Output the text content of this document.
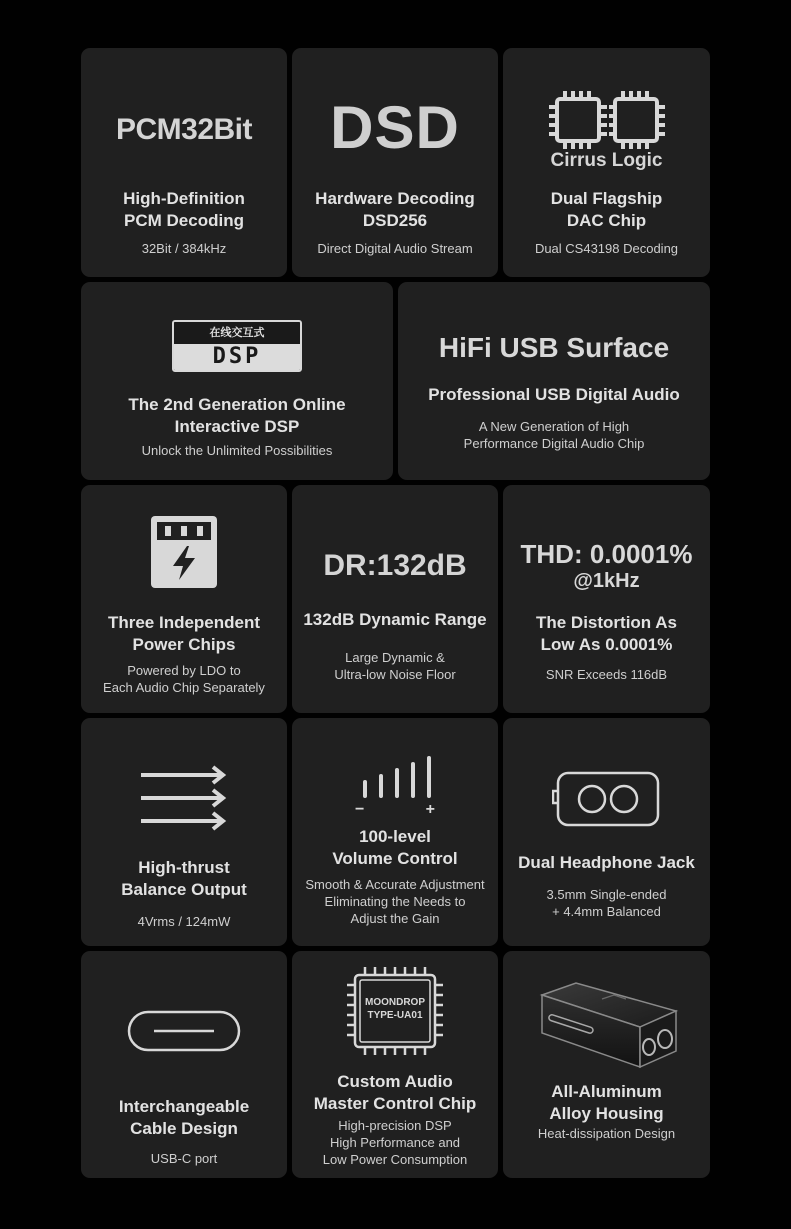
PCM32Bit
High-Definition
PCM Decoding
32Bit / 384kHz
DSD
Hardware Decoding
DSD256
Direct Digital Audio Stream
Cirrus Logic
Dual Flagship
DAC Chip
Dual CS43198 Decoding
在线交互式
DSP
The 2nd Generation Online
Interactive DSP
Unlock the Unlimited Possibilities
HiFi USB Surface
Professional USB Digital Audio
A New Generation of High
Performance Digital Audio Chip
Three Independent
Power Chips
Powered by LDO to
Each Audio Chip Separately
DR:132dB
132dB Dynamic Range
Large Dynamic &
Ultra-low Noise Floor
THD: 0.0001%
@1kHz
The Distortion As
Low As 0.0001%
SNR Exceeds 116dB
High-thrust
Balance Output
4Vrms / 124mW
−	+
100-level
Volume Control
Smooth & Accurate Adjustment
Eliminating the Needs to
Adjust the Gain
Dual Headphone Jack
3.5mm Single-ended
+ 4.4mm Balanced
Interchangeable
Cable Design
USB-C port
MOONDROP
TYPE-UA01
Custom Audio
Master Control Chip
High-precision DSP
High Performance and
Low Power Consumption
All-Aluminum
Alloy Housing
Heat-dissipation Design
